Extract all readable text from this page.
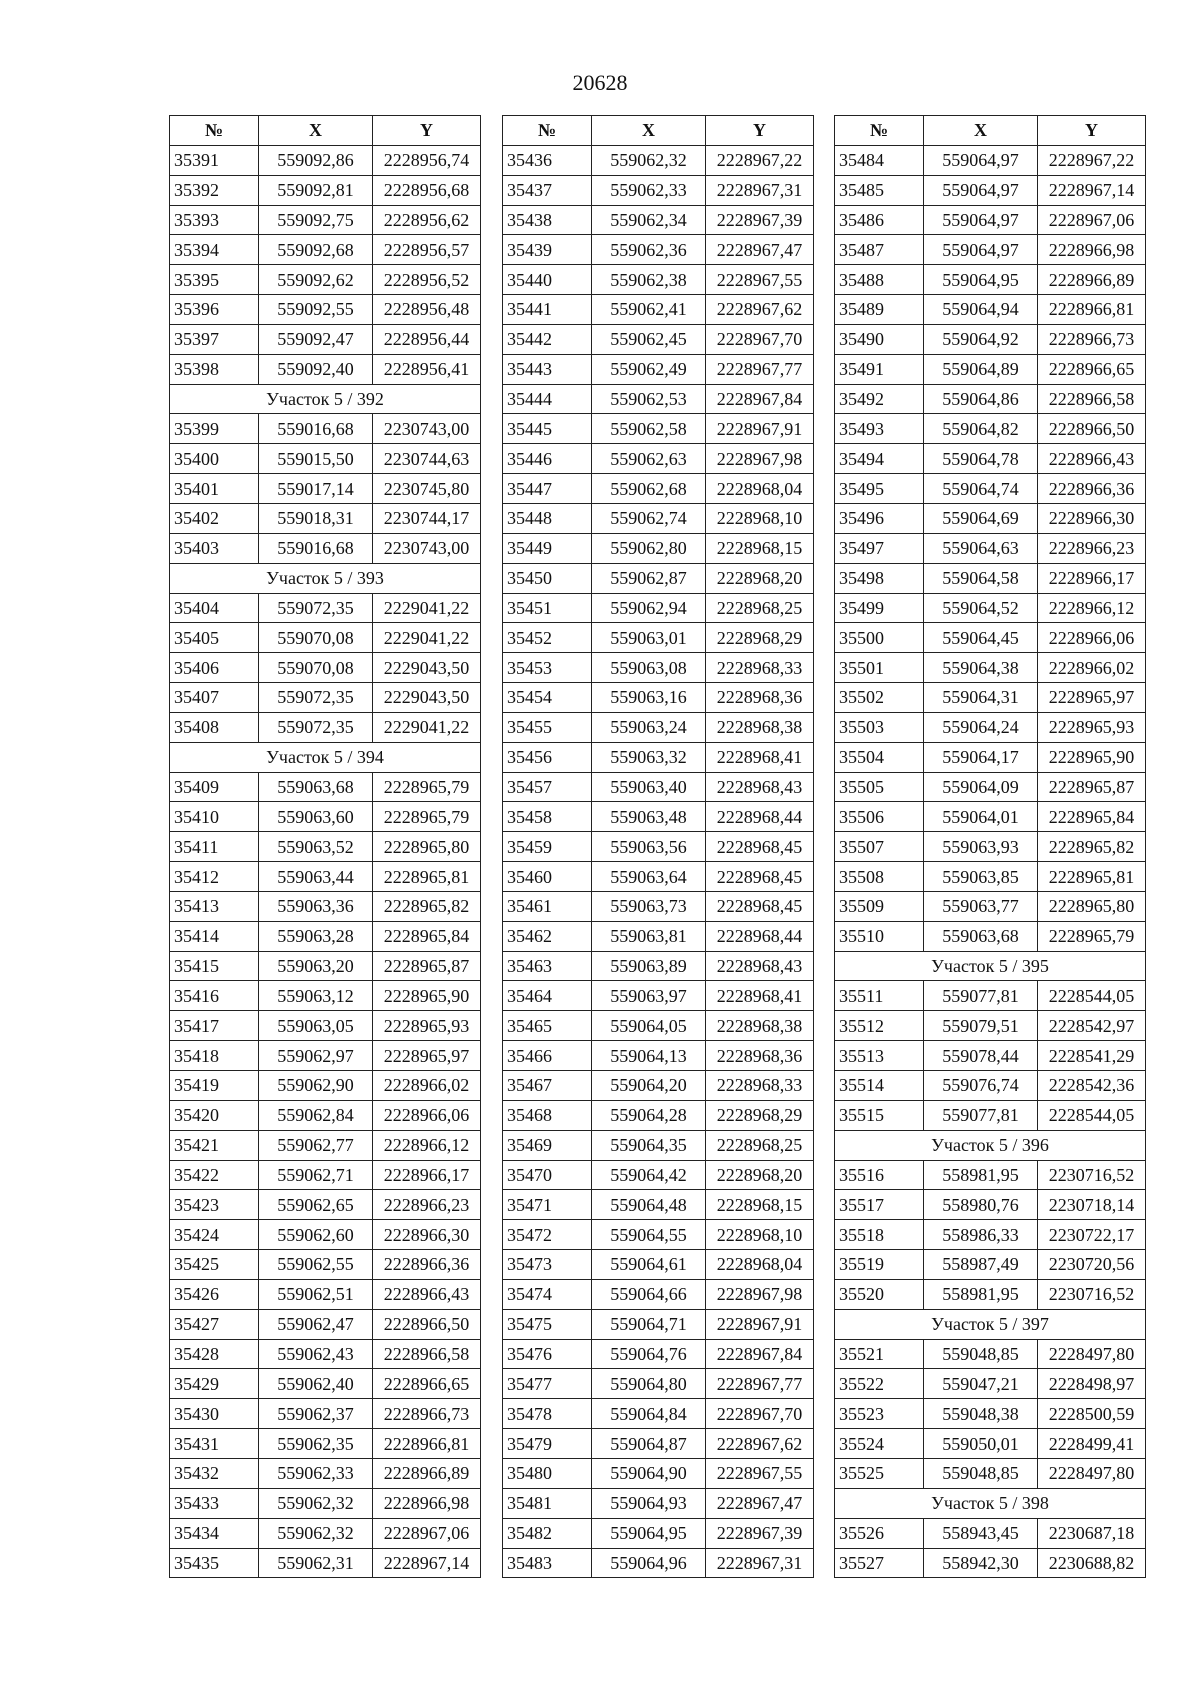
20628
№	X	Y
35391	559092,86	2228956,74
35392	559092,81	2228956,68
35393	559092,75	2228956,62
35394	559092,68	2228956,57
35395	559092,62	2228956,52
35396	559092,55	2228956,48
35397	559092,47	2228956,44
35398	559092,40	2228956,41
Участок 5 / 392		
35399	559016,68	2230743,00
35400	559015,50	2230744,63
35401	559017,14	2230745,80
35402	559018,31	2230744,17
35403	559016,68	2230743,00
Участок 5 / 393		
35404	559072,35	2229041,22
35405	559070,08	2229041,22
35406	559070,08	2229043,50
35407	559072,35	2229043,50
35408	559072,35	2229041,22
Участок 5 / 394		
35409	559063,68	2228965,79
35410	559063,60	2228965,79
35411	559063,52	2228965,80
35412	559063,44	2228965,81
35413	559063,36	2228965,82
35414	559063,28	2228965,84
35415	559063,20	2228965,87
35416	559063,12	2228965,90
35417	559063,05	2228965,93
35418	559062,97	2228965,97
35419	559062,90	2228966,02
35420	559062,84	2228966,06
35421	559062,77	2228966,12
35422	559062,71	2228966,17
35423	559062,65	2228966,23
35424	559062,60	2228966,30
35425	559062,55	2228966,36
35426	559062,51	2228966,43
35427	559062,47	2228966,50
35428	559062,43	2228966,58
35429	559062,40	2228966,65
35430	559062,37	2228966,73
35431	559062,35	2228966,81
35432	559062,33	2228966,89
35433	559062,32	2228966,98
35434	559062,32	2228967,06
35435	559062,31	2228967,14
№	X	Y
35436	559062,32	2228967,22
35437	559062,33	2228967,31
35438	559062,34	2228967,39
35439	559062,36	2228967,47
35440	559062,38	2228967,55
35441	559062,41	2228967,62
35442	559062,45	2228967,70
35443	559062,49	2228967,77
35444	559062,53	2228967,84
35445	559062,58	2228967,91
35446	559062,63	2228967,98
35447	559062,68	2228968,04
35448	559062,74	2228968,10
35449	559062,80	2228968,15
35450	559062,87	2228968,20
35451	559062,94	2228968,25
35452	559063,01	2228968,29
35453	559063,08	2228968,33
35454	559063,16	2228968,36
35455	559063,24	2228968,38
35456	559063,32	2228968,41
35457	559063,40	2228968,43
35458	559063,48	2228968,44
35459	559063,56	2228968,45
35460	559063,64	2228968,45
35461	559063,73	2228968,45
35462	559063,81	2228968,44
35463	559063,89	2228968,43
35464	559063,97	2228968,41
35465	559064,05	2228968,38
35466	559064,13	2228968,36
35467	559064,20	2228968,33
35468	559064,28	2228968,29
35469	559064,35	2228968,25
35470	559064,42	2228968,20
35471	559064,48	2228968,15
35472	559064,55	2228968,10
35473	559064,61	2228968,04
35474	559064,66	2228967,98
35475	559064,71	2228967,91
35476	559064,76	2228967,84
35477	559064,80	2228967,77
35478	559064,84	2228967,70
35479	559064,87	2228967,62
35480	559064,90	2228967,55
35481	559064,93	2228967,47
35482	559064,95	2228967,39
35483	559064,96	2228967,31
№	X	Y
35484	559064,97	2228967,22
35485	559064,97	2228967,14
35486	559064,97	2228967,06
35487	559064,97	2228966,98
35488	559064,95	2228966,89
35489	559064,94	2228966,81
35490	559064,92	2228966,73
35491	559064,89	2228966,65
35492	559064,86	2228966,58
35493	559064,82	2228966,50
35494	559064,78	2228966,43
35495	559064,74	2228966,36
35496	559064,69	2228966,30
35497	559064,63	2228966,23
35498	559064,58	2228966,17
35499	559064,52	2228966,12
35500	559064,45	2228966,06
35501	559064,38	2228966,02
35502	559064,31	2228965,97
35503	559064,24	2228965,93
35504	559064,17	2228965,90
35505	559064,09	2228965,87
35506	559064,01	2228965,84
35507	559063,93	2228965,82
35508	559063,85	2228965,81
35509	559063,77	2228965,80
35510	559063,68	2228965,79
Участок 5 / 395		
35511	559077,81	2228544,05
35512	559079,51	2228542,97
35513	559078,44	2228541,29
35514	559076,74	2228542,36
35515	559077,81	2228544,05
Участок 5 / 396		
35516	558981,95	2230716,52
35517	558980,76	2230718,14
35518	558986,33	2230722,17
35519	558987,49	2230720,56
35520	558981,95	2230716,52
Участок 5 / 397		
35521	559048,85	2228497,80
35522	559047,21	2228498,97
35523	559048,38	2228500,59
35524	559050,01	2228499,41
35525	559048,85	2228497,80
Участок 5 / 398		
35526	558943,45	2230687,18
35527	558942,30	2230688,82
